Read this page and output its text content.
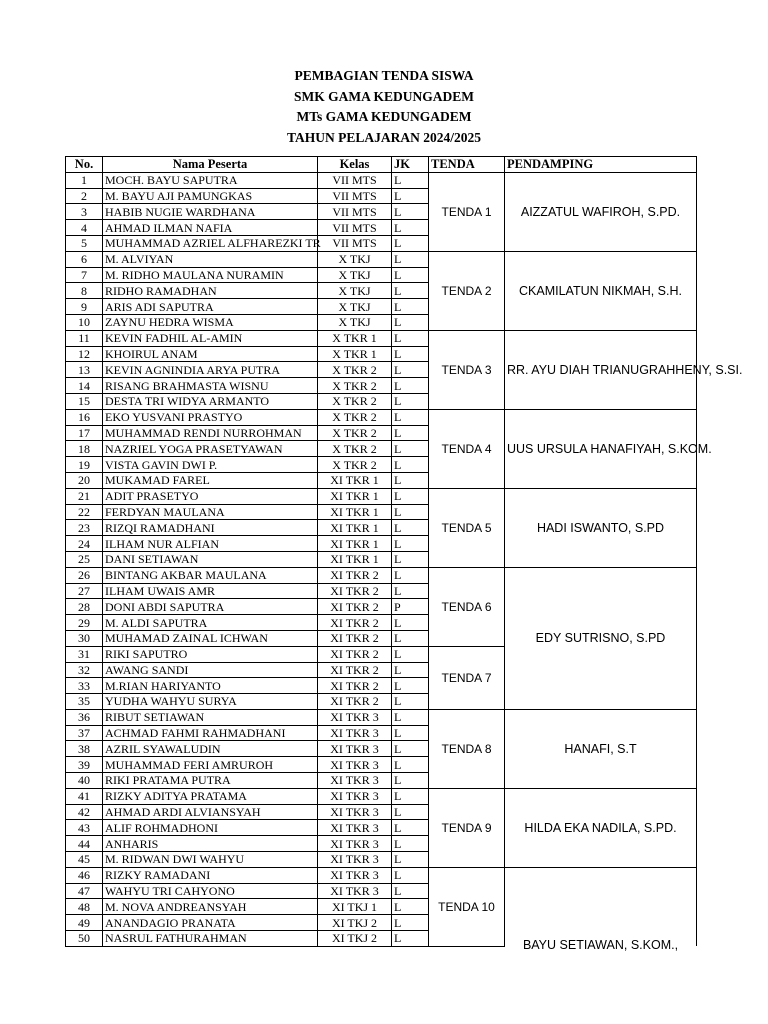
PEMBAGIAN TENDA SISWA
SMK GAMA KEDUNGADEM
MTs GAMA KEDUNGADEM
TAHUN PELAJARAN 2024/2025
No.	Nama Peserta	Kelas	JK	TENDA	PENDAMPING
1	MOCH. BAYU SAPUTRA	VII MTS	L	TENDA 1	AIZZATUL WAFIROH, S.PD.
2	M. BAYU AJI PAMUNGKAS	VII MTS	L		
3	HABIB NUGIE WARDHANA	VII MTS	L		
4	AHMAD ILMAN NAFIA	VII MTS	L		
5	MUHAMMAD AZRIEL ALFHAREZKI TR	VII MTS	L		
6	M. ALVIYAN	X TKJ	L	TENDA 2	CKAMILATUN NIKMAH, S.H.
7	M. RIDHO MAULANA NURAMIN	X TKJ	L		
8	RIDHO RAMADHAN	X TKJ	L		
9	ARIS ADI SAPUTRA	X TKJ	L		
10	ZAYNU HEDRA WISMA	X TKJ	L		
11	KEVIN FADHIL AL-AMIN	X TKR 1	L	TENDA 3	RR. AYU DIAH TRIANUGRAHHENY, S.SI.
12	KHOIRUL ANAM	X TKR 1	L		
13	KEVIN AGNINDIA ARYA PUTRA	X TKR 2	L		
14	RISANG BRAHMASTA WISNU	X TKR 2	L		
15	DESTA TRI WIDYA ARMANTO	X TKR 2	L		
16	EKO YUSVANI PRASTYO	X TKR 2	L	TENDA 4	UUS URSULA HANAFIYAH, S.KOM.
17	MUHAMMAD RENDI NURROHMAN	X TKR 2	L		
18	NAZRIEL YOGA PRASETYAWAN	X TKR 2	L		
19	VISTA GAVIN DWI P.	X TKR 2	L		
20	MUKAMAD FAREL	XI TKR 1	L		
21	ADIT PRASETYO	XI TKR 1	L	TENDA 5	HADI ISWANTO, S.PD
22	FERDYAN MAULANA	XI TKR 1	L		
23	RIZQI RAMADHANI	XI TKR 1	L		
24	ILHAM NUR ALFIAN	XI TKR 1	L		
25	DANI SETIAWAN	XI TKR 1	L		
26	BINTANG AKBAR MAULANA	XI TKR 2	L	TENDA 6	EDY SUTRISNO, S.PD
27	ILHAM UWAIS AMR	XI TKR 2	L		
28	DONI ABDI SAPUTRA	XI TKR 2	P		
29	M. ALDI SAPUTRA	XI TKR 2	L		
30	MUHAMAD ZAINAL ICHWAN	XI TKR 2	L		
31	RIKI SAPUTRO	XI TKR 2	L	TENDA 7	
32	AWANG SANDI	XI TKR 2	L		
33	M.RIAN HARIYANTO	XI TKR 2	L		
35	YUDHA WAHYU SURYA	XI TKR 2	L		
36	RIBUT SETIAWAN	XI TKR 3	L	TENDA 8	HANAFI, S.T
37	ACHMAD FAHMI RAHMADHANI	XI TKR 3	L		
38	AZRIL SYAWALUDIN	XI TKR 3	L		
39	MUHAMMAD FERI AMRUROH	XI TKR 3	L		
40	RIKI PRATAMA PUTRA	XI TKR 3	L		
41	RIZKY ADITYA PRATAMA	XI TKR 3	L	TENDA 9	HILDA EKA NADILA, S.PD.
42	AHMAD ARDI ALVIANSYAH	XI TKR 3	L		
43	ALIF ROHMADHONI	XI TKR 3	L		
44	ANHARIS	XI TKR 3	L		
45	M. RIDWAN DWI WAHYU	XI TKR 3	L		
46	RIZKY RAMADANI	XI TKR 3	L	TENDA 10	BAYU SETIAWAN, S.KOM.,
47	WAHYU TRI CAHYONO	XI TKR 3	L		
48	M. NOVA ANDREANSYAH	XI TKJ 1	L		
49	ANANDAGIO PRANATA	XI TKJ 2	L		
50	NASRUL FATHURAHMAN	XI TKJ 2	L		
